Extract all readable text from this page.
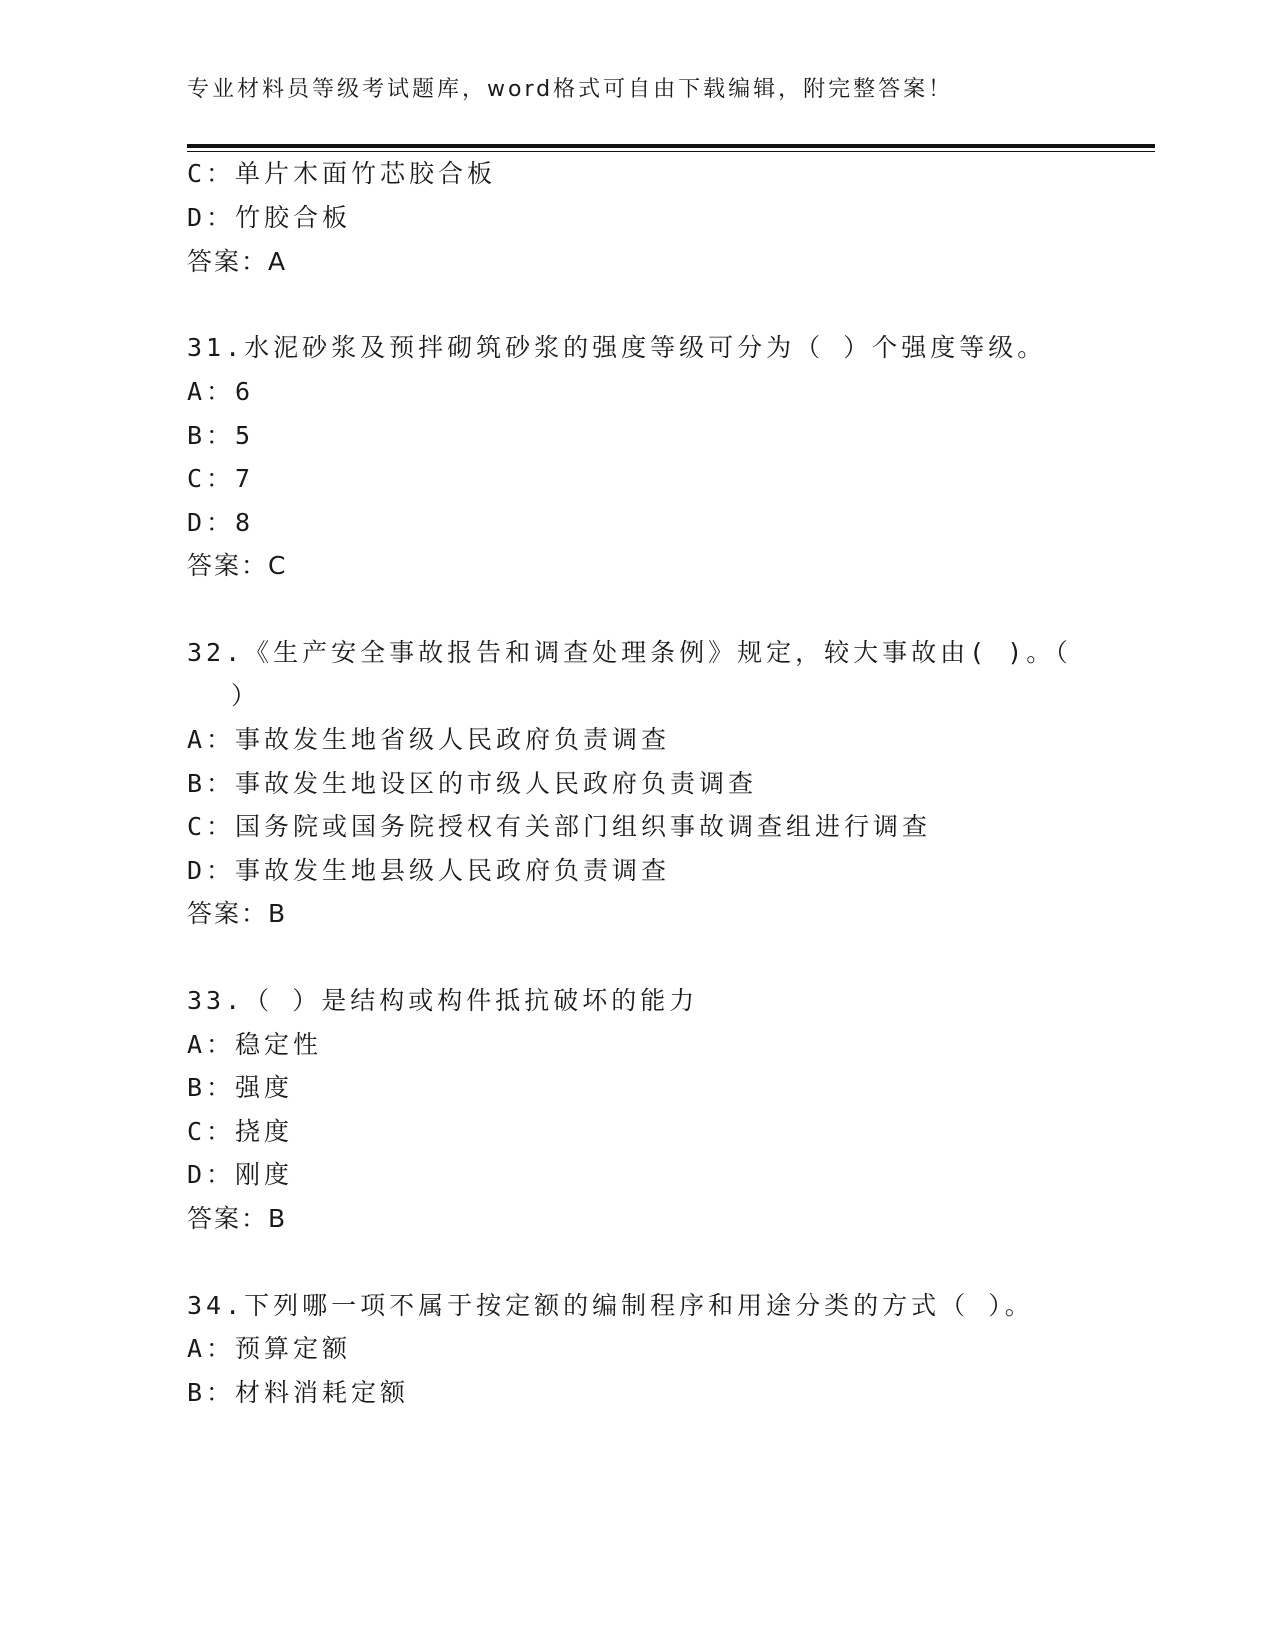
专业材料员等级考试题库，word格式可自由下载编辑，附完整答案！
C：单片木面竹芯胶合板
D：竹胶合板
答案：A
31.水泥砂浆及预拌砌筑砂浆的强度等级可分为（ ）个强度等级。
A：6
B：5
C：7
D：8
答案：C
32.《生产安全事故报告和调查处理条例》规定，较大事故由( )。（
）
A：事故发生地省级人民政府负责调查
B：事故发生地设区的市级人民政府负责调查
C：国务院或国务院授权有关部门组织事故调查组进行调查
D：事故发生地县级人民政府负责调查
答案：B
33.（ ）是结构或构件抵抗破坏的能力
A：稳定性
B：强度
C：挠度
D：刚度
答案：B
34.下列哪一项不属于按定额的编制程序和用途分类的方式（ ）。
A：预算定额
B：材料消耗定额
